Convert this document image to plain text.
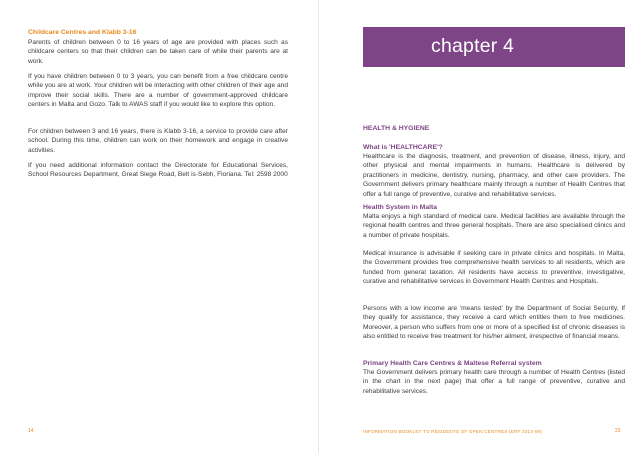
Childcare Centres and Klabb 3-16
Parents of children between 0 to 16 years of age are provided with places such as childcare centers so that their children can be taken care of while their parents are at work.
If you have children between 0 to 3 years, you can benefit from a free childcare centre while you are at work. Your children will be interacting with other children of their age and improve their social skills. There are a number of government-approved childcare centers in Malta and Gozo. Talk to AWAS staff if you would like to explore this option.
For children between 3 and 16 years, there is Klabb 3-16, a service to provide care after school. During this time, children can work on their homework and engage in creative activities.
If you need additional information contact the Directorate for Educational Services, School Resources Department, Great Siege Road, Belt is-Sebh, Floriana. Tel: 2598 2000
14
chapter 4
HEALTH & HYGIENE
What is 'HEALTHCARE'?
Healthcare is the diagnosis, treatment, and prevention of disease, illness, injury, and other physical and mental impairments in humans. Healthcare is delivered by practitioners in medicine, dentistry, nursing, pharmacy, and other care providers. The Government delivers primary healthcare mainly through a number of Health Centres that offer a full range of preventive, curative and rehabilitative services.
Health System in Malta
Malta enjoys a high standard of medical care. Medical facilities are available through the regional health centres and three general hospitals. There are also specialised clinics and a number of private hospitals.
Medical insurance is advisable if seeking care in private clinics and hospitals. In Malta, the Government provides free comprehensive health services to all residents, which are funded from general taxation. All residents have access to preventive, investigative, curative and rehabilitative services in Government Health Centres and Hospitals.
Persons with a low income are 'means tested' by the Department of Social Security. If they qualify for assistance, they receive a card which entitles them to free medicines. Moreover, a person who suffers from one or more of a specified list of chronic diseases is also entitled to receive free treatment for his/her ailment, irrespective of financial means.
Primary Health Care Centres & Maltese Referral system
The Government delivers primary health care through a number of Health Centres (listed in the chart in the next page) that offer a full range of preventive, curative and rehabilitative services.
INFORMATION BOOKLET TO RESIDENTS OF OPEN CENTRES (ERF 2013-09)	22
